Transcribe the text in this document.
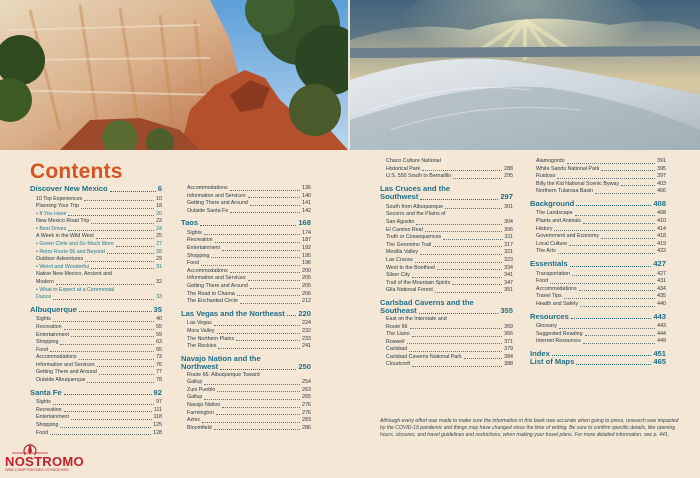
Contents
Discover New Mexico	6
10 Top Experiences	10
Planning Your Trip	18
• If You Have	20
New Mexico Road Trip	22
• Best Drives	24
A Week in the Wild West	25
• Green Chile and So Much More	27
• Retro Route 66 and Beyond	28
Outdoor Adventures	29
• Weird and Wonderful	31
Native New Mexico, Ancient and
Modern	32
• What to Expect at a Ceremonial
Dance	33
Albuquerque	35
Sights	40
Recreation	55
Entertainment	59
Shopping	63
Food	65
Accommodations	73
Information and Services	76
Getting There and Around	77
Outside Albuquerque	78
Santa Fe	92
Sights	97
Recreation	111
Entertainment	118
Shopping	125
Food	128
Accommodations	136
Information and Services	140
Getting There and Around	141
Outside Santa Fe	142
Taos	168
Sights	174
Recreation	187
Entertainment	192
Shopping	195
Food	196
Accommodations	200
Information and Services	205
Getting There and Around	205
The Road to Chama	206
The Enchanted Circle	212
Las Vegas and the Northeast 220
Las Vegas	224
Mora Valley	232
The Northern Plains	233
The Rockies	241
Navajo Nation and the
Northwest	250
Route 66: Albuquerque Toward
Gallup	254
Zuni Pueblo	263
Gallup	265
Navajo Nation	276
Farmington	276
Aztec	283
Bloomfield	286
Chaco Culture National
Historical Park	288
U.S. 550 South to Bernalillo	295
Las Cruces and the
Southwest	297
South from Albuquerque	301
Socorro and the Plains of
San Agustin	304
El Camino Real	306
Truth or Consequences	311
The Geronimo Trail	317
Mesilla Valley	321
Las Cruces	323
West to the Bootheel	334
Silver City	341
Trail of the Mountain Spirits	347
Gila National Forest	351
Carlsbad Caverns and the
Southeast	355
East on the Interstate and
Route 66	359
The Llano	366
Roswell	371
Carlsbad	379
Carlsbad Caverns National Park	384
Cloudcroft	388
Alamogordo	391
White Sands National Park	395
Ruidoso	397
Billy the Kid National Scenic Byway	403
Northern Tularosa Basin	406
Background	408
The Landscape	408
Plants and Animals	410
History	414
Government and Economy	418
Local Culture	419
The Arts	422
Essentials	427
Transportation	427
Food	431
Accommodations	434
Travel Tips	435
Health and Safety	440
Resources	443
Glossary	443
Suggested Reading	444
Internet Resources	449
Index	451
List of Maps	465
Although every effort was made to make sure the information in this book was accurate when going to press, research was impacted by the COVID-19 pandemic and things may have changed since the time of writing. Be sure to confirm specific details, like opening hours, closures, and travel guidelines and restrictions, when making your travel plans. For more detailed information, see p. 441.
NOSTROMO
WEB COMPTOIR DES VOYAGEURS
